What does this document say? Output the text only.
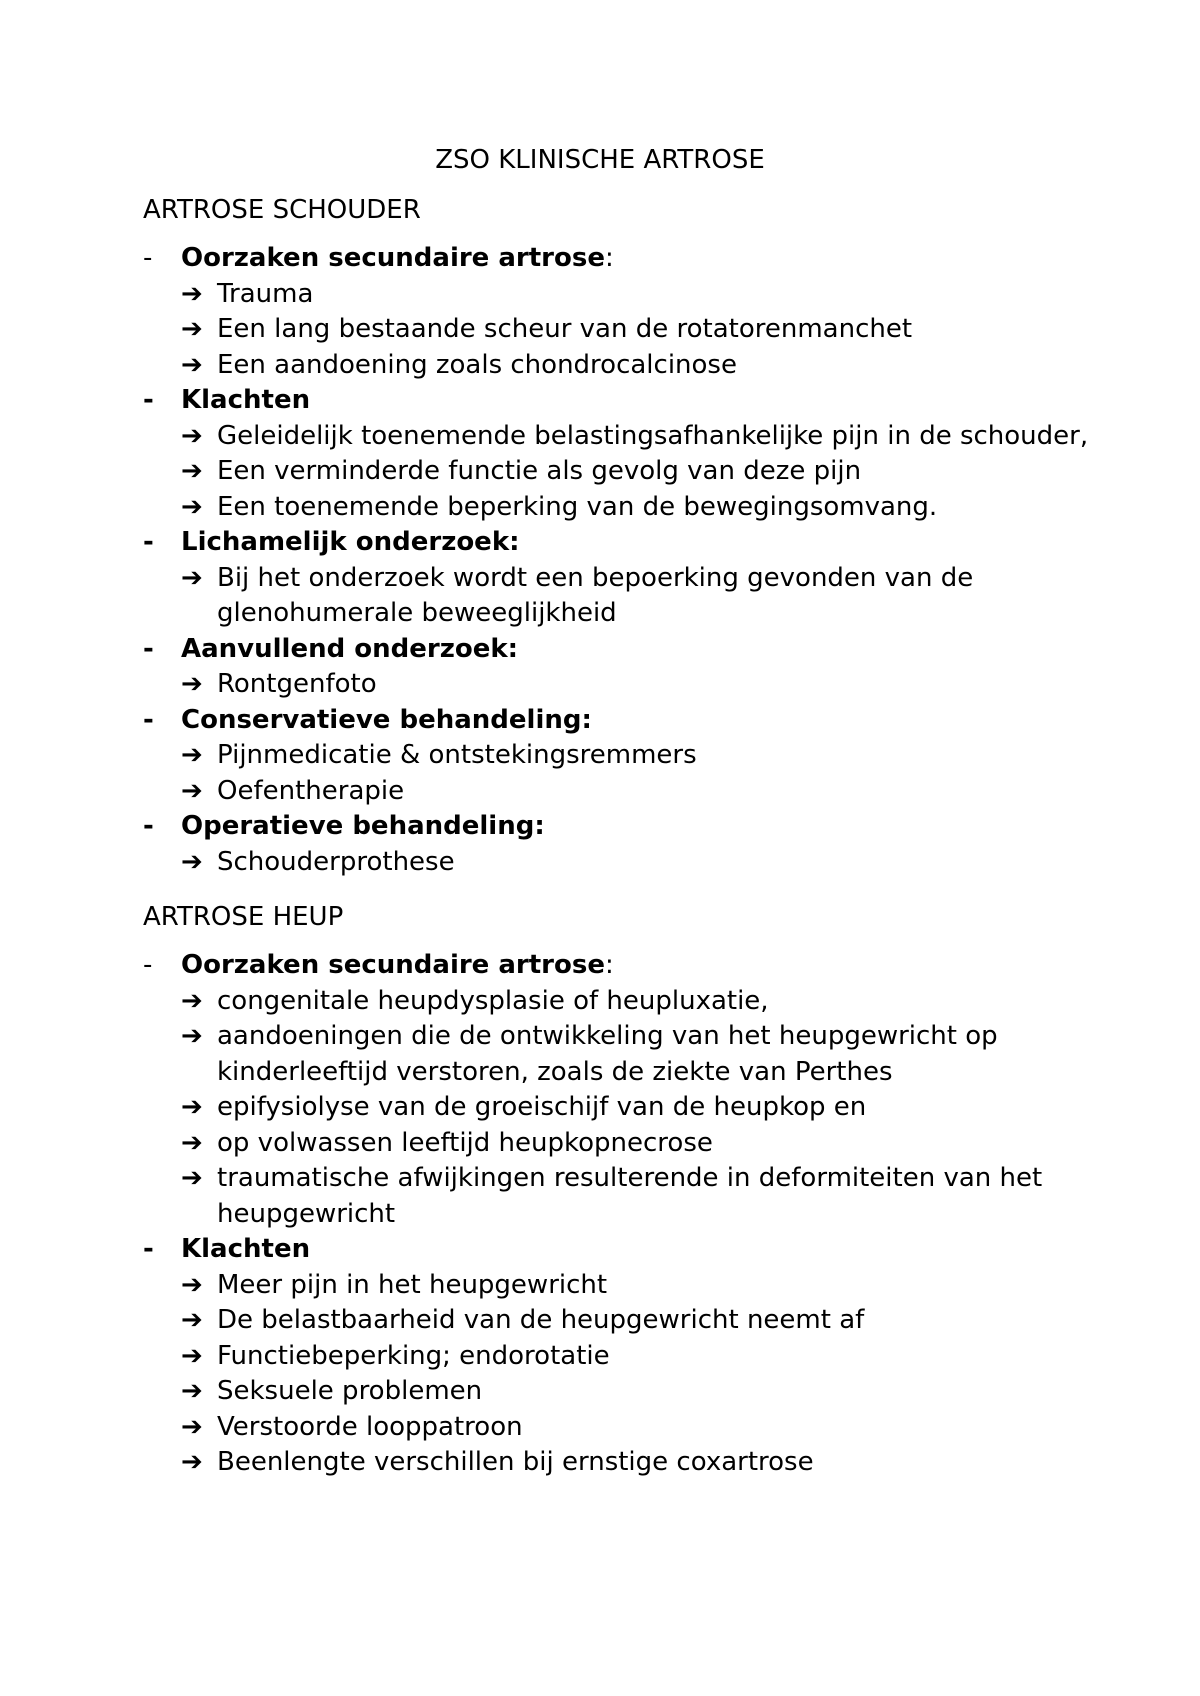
ZSO KLINISCHE ARTROSE
ARTROSE SCHOUDER
-	Oorzaken secundaire artrose:
➔ Trauma
➔ Een lang bestaande scheur van de rotatorenmanchet
➔ Een aandoening zoals chondrocalcinose
-	Klachten
➔ Geleidelijk toenemende belastingsafhankelijke pijn in de schouder,
➔ Een verminderde functie als gevolg van deze pijn
➔ Een toenemende beperking van de bewegingsomvang.
-	Lichamelijk onderzoek:
➔ Bij het onderzoek wordt een bepoerking gevonden van de glenohumerale beweeglijkheid
-	Aanvullend onderzoek:
➔ Rontgenfoto
-	Conservatieve behandeling:
➔ Pijnmedicatie & ontstekingsremmers
➔ Oefentherapie
-	Operatieve behandeling:
➔ Schouderprothese
ARTROSE HEUP
-	Oorzaken secundaire artrose:
➔ congenitale heupdysplasie of heupluxatie,
➔ aandoeningen die de ontwikkeling van het heupgewricht op kinderleeftijd verstoren, zoals de ziekte van Perthes
➔ epifysiolyse van de groeischijf van de heupkop en
➔ op volwassen leeftijd heupkopnecrose
➔ traumatische afwijkingen resulterende in deformiteiten van het heupgewricht
-	Klachten
➔ Meer pijn in het heupgewricht
➔ De belastbaarheid van de heupgewricht neemt af
➔ Functiebeperking; endorotatie
➔ Seksuele problemen
➔ Verstoorde looppatroon
➔ Beenlengte verschillen bij ernstige coxartrose
